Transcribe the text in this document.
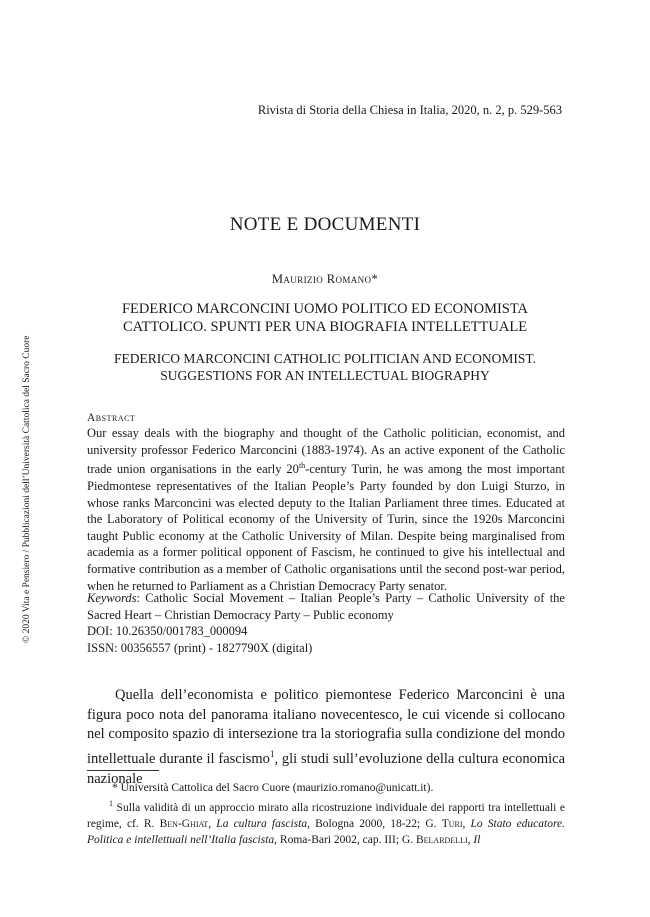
Rivista di Storia della Chiesa in Italia, 2020, n. 2, p. 529-563
NOTE E DOCUMENTI
Maurizio Romano*
FEDERICO MARCONCINI UOMO POLITICO ED ECONOMISTA
CATTOLICO. SPUNTI PER UNA BIOGRAFIA INTELLETTUALE
FEDERICO MARCONCINI CATHOLIC POLITICIAN AND ECONOMIST.
SUGGESTIONS FOR AN INTELLECTUAL BIOGRAPHY
Abstract
Our essay deals with the biography and thought of the Catholic politician, economist, and university professor Federico Marconcini (1883-1974). As an active exponent of the Catholic trade union organisations in the early 20th-century Turin, he was among the most important Piedmontese representatives of the Italian People’s Party founded by don Luigi Sturzo, in whose ranks Marconcini was elected deputy to the Italian Parliament three times. Educated at the Laboratory of Political economy of the University of Turin, since the 1920s Marconcini taught Public economy at the Catholic University of Milan. Despite being marginalised from academia as a former political opponent of Fascism, he continued to give his intellectual and formative contribution as a member of Catholic organisations until the second post-war period, when he returned to Parliament as a Christian Democracy Party senator.
Keywords: Catholic Social Movement – Italian People’s Party – Catholic University of the Sacred Heart – Christian Democracy Party – Public economy
DOI: 10.26350/001783_000094
ISSN: 00356557 (print) - 1827790X (digital)
Quella dell’economista e politico piemontese Federico Marconcini è una figura poco nota del panorama italiano novecentesco, le cui vicende si collocano nel composito spazio di intersezione tra la storiografia sulla condizione del mondo intellettuale durante il fascismo$^1$, gli studi sull’evoluzione della cultura economica nazionale
* Università Cattolica del Sacro Cuore (maurizio.romano@unicatt.it).
$^1$ Sulla validità di un approccio mirato alla ricostruzione individuale dei rapporti tra intellettuali e regime, cf. R. Ben-Ghiat, La cultura fascista, Bologna 2000, 18-22; G. Turi, Lo Stato educatore. Politica e intellettuali nell’Italia fascista, Roma-Bari 2002, cap. III; G. Belardelli, Il
© 2020 Vita e Pensiero / Pubblicazioni dell’Università Cattolica del Sacro Cuore
